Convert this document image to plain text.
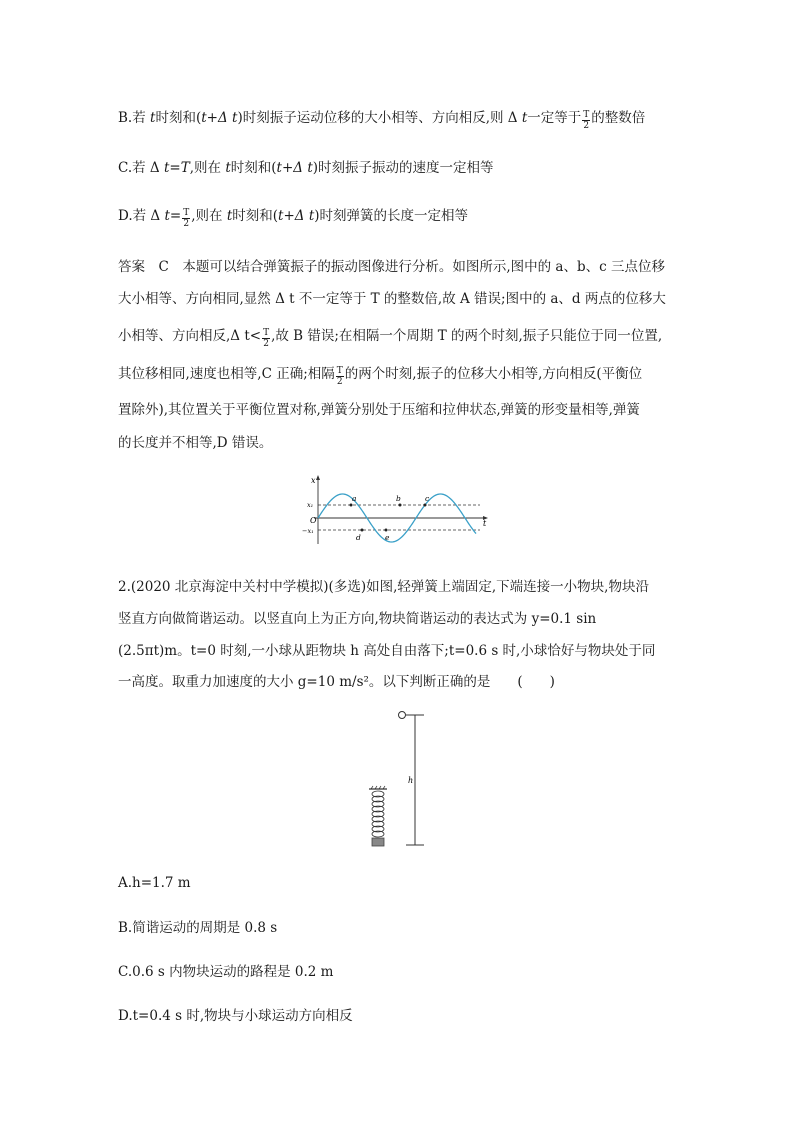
B.若 t时刻和(t+Δ t)时刻振子运动位移的大小相等、方向相反,则 Δ t一定等于 $\frac{T}{2}$ 的整数倍
C.若 Δ t=T,则在 t时刻和(t+Δ t)时刻振子振动的速度一定相等
D.若 Δ $t= \frac{T}{2}$ ,则在 t时刻和(t+Δ t)时刻弹簧的长度一定相等
答案　C　本题可以结合弹簧振子的振动图像进行分析。如图所示,图中的 a、b、c 三点位移
大小相等、方向相同,显然 Δ t 不一定等于 T 的整数倍,故 A 错误;图中的 a、d 两点的位移大
小相等、方向相反,Δ $t< \frac{T}{2}$ ,故 B 错误;在相隔一个周期 T 的两个时刻,振子只能位于同一位置,
其位移相同,速度也相等,C 正确;相隔 $\frac{T}{2}$ 的两个时刻,振子的位移大小相等,方向相反(平衡位
置除外),其位置关于平衡位置对称,弹簧分别处于压缩和拉伸状态,弹簧的形变量相等,弹簧
的长度并不相等,D 错误。
x
t
O
x₁
−x₁
a	b	c
d	e
2.(2020 北京海淀中关村中学模拟)(多选)如图,轻弹簧上端固定,下端连接一小物块,物块沿
竖直方向做简谐运动。以竖直向上为正方向,物块简谐运动的表达式为 y=0.1 sin
(2.5πt)m。t=0 时刻,一小球从距物块 h 高处自由落下;t=0.6 s 时,小球恰好与物块处于同
一高度。取重力加速度的大小 g=10 m/s²。以下判断正确的是　　(　　)
h
A.h=1.7 m
B.简谐运动的周期是 0.8 s
C.0.6 s 内物块运动的路程是 0.2 m
D.t=0.4 s 时,物块与小球运动方向相反
